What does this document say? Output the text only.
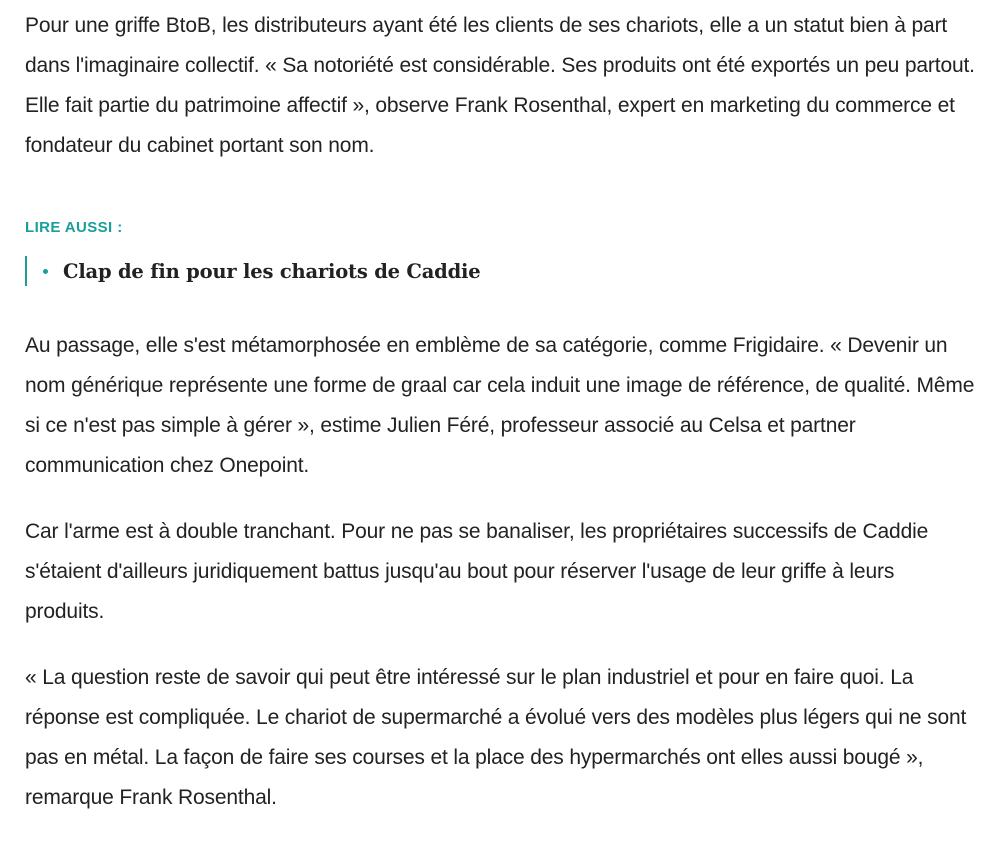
Pour une griffe BtoB, les distributeurs ayant été les clients de ses chariots, elle a un statut bien à part dans l'imaginaire collectif. « Sa notoriété est considérable. Ses produits ont été exportés un peu partout. Elle fait partie du patrimoine affectif », observe Frank Rosenthal, expert en marketing du commerce et fondateur du cabinet portant son nom.

LIRE AUSSI :
Clap de fin pour les chariots de Caddie

Au passage, elle s'est métamorphosée en emblème de sa catégorie, comme Frigidaire. « Devenir un nom générique représente une forme de graal car cela induit une image de référence, de qualité. Même si ce n'est pas simple à gérer », estime Julien Féré, professeur associé au Celsa et partner communication chez Onepoint.

Car l'arme est à double tranchant. Pour ne pas se banaliser, les propriétaires successifs de Caddie s'étaient d'ailleurs juridiquement battus jusqu'au bout pour réserver l'usage de leur griffe à leurs produits.

« La question reste de savoir qui peut être intéressé sur le plan industriel et pour en faire quoi. La réponse est compliquée. Le chariot de supermarché a évolué vers des modèles plus légers qui ne sont pas en métal. La façon de faire ses courses et la place des hypermarchés ont elles aussi bougé », remarque Frank Rosenthal.
